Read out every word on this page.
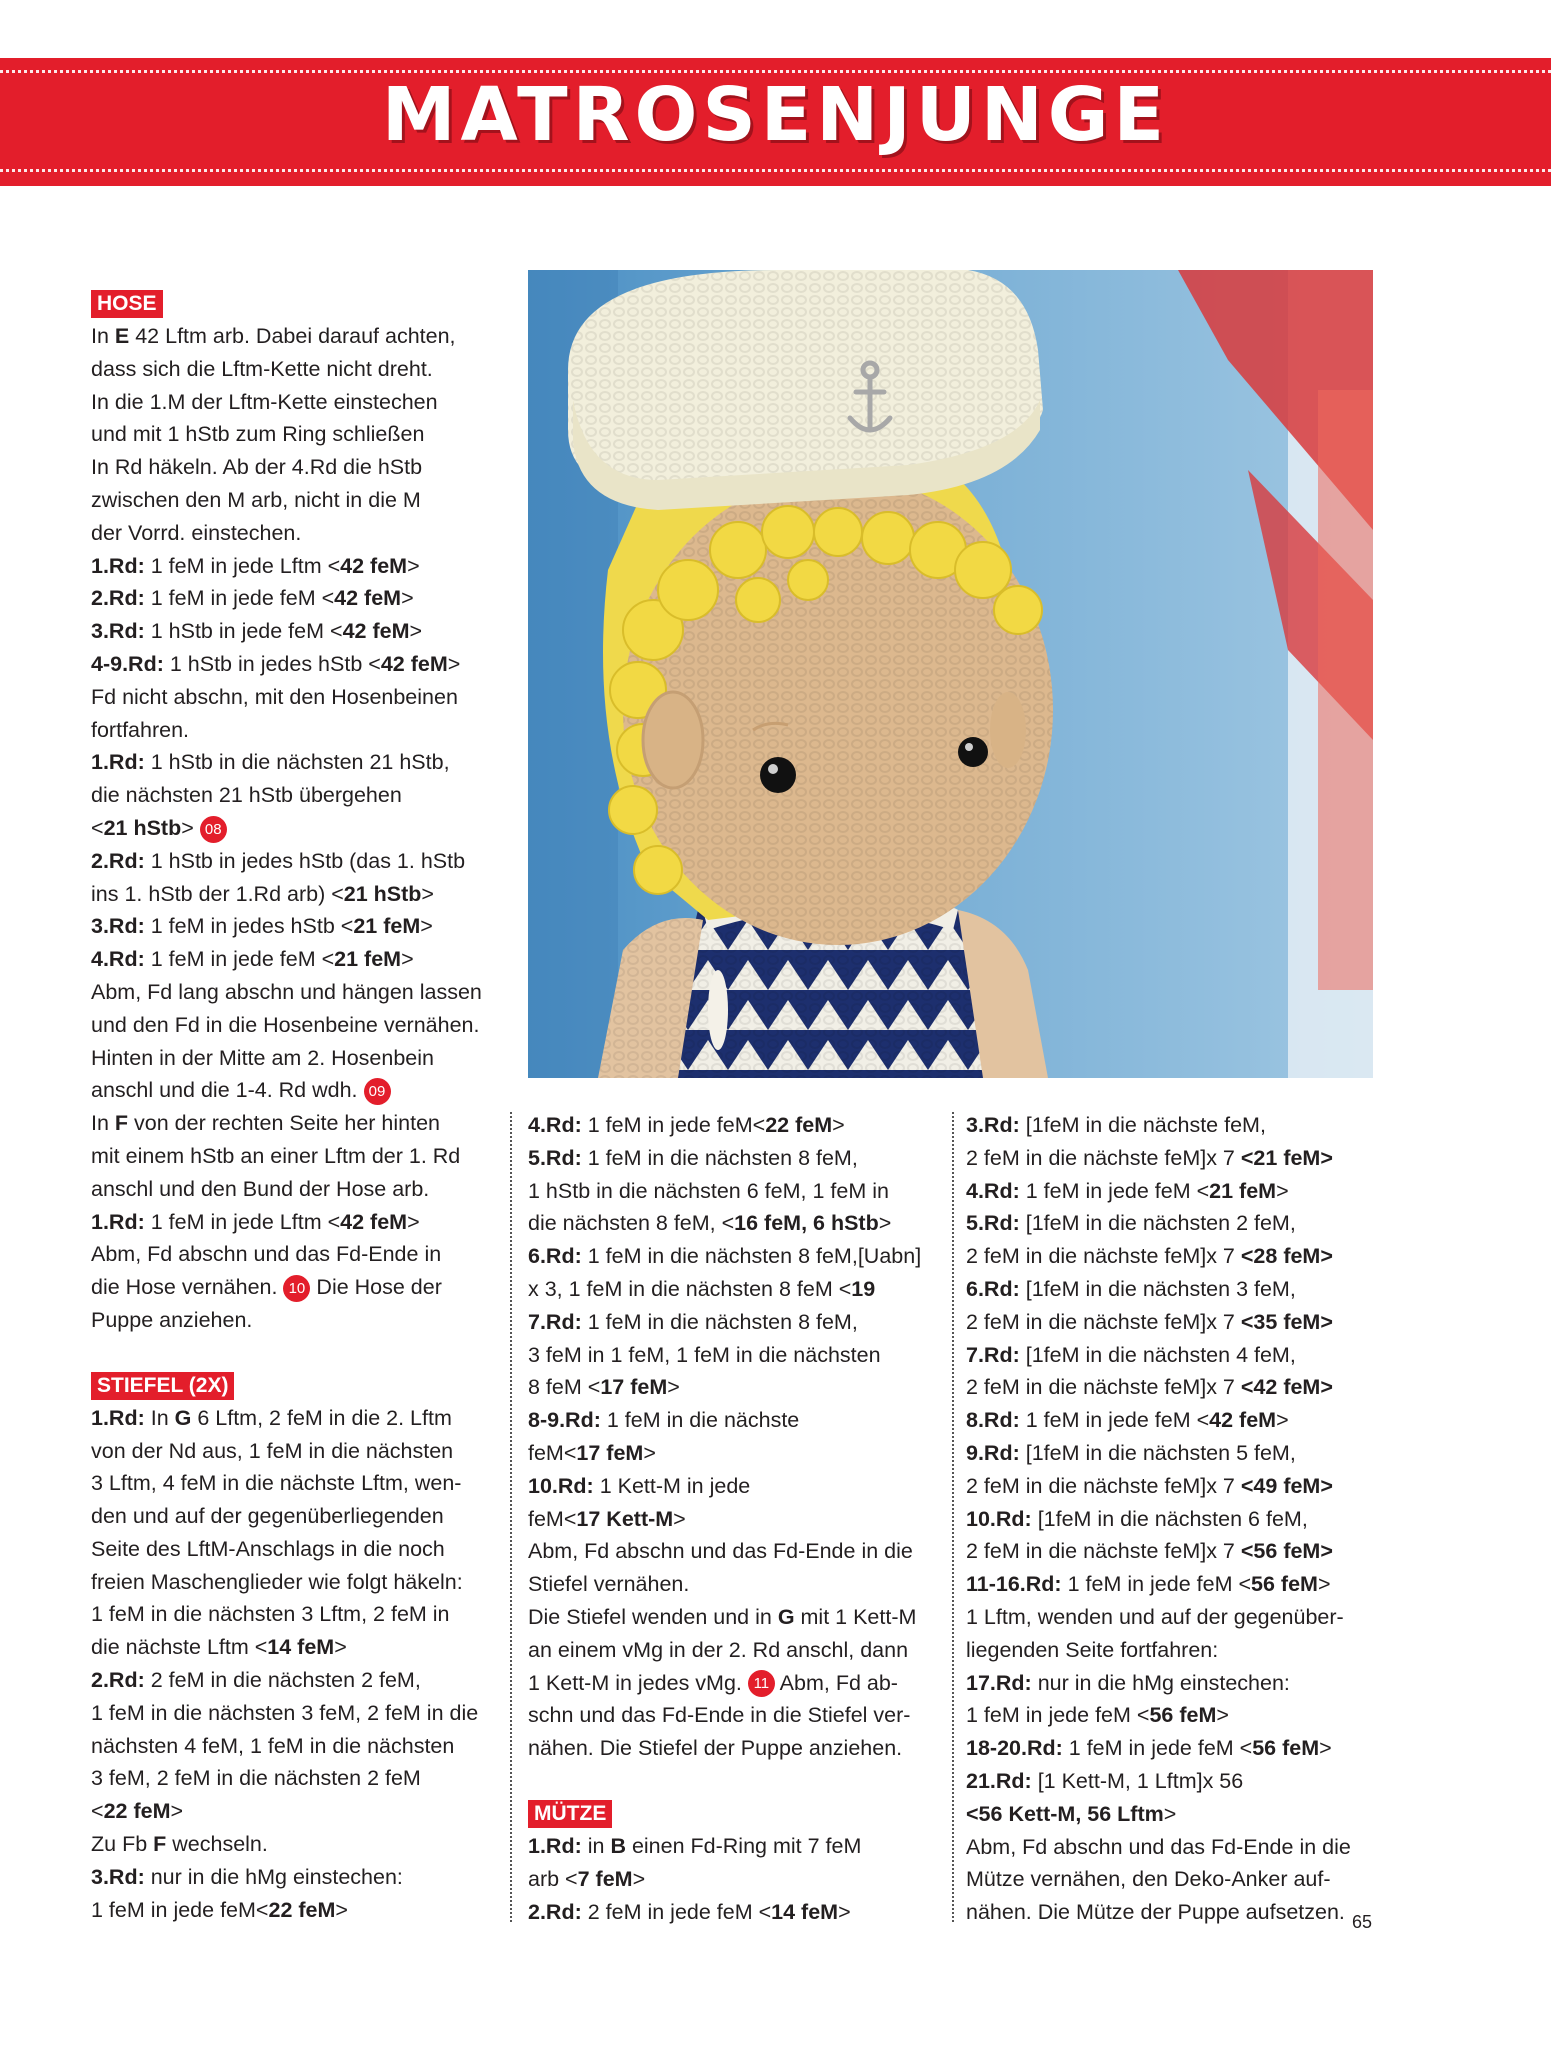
MATROSENJUNGE
HOSE
In E 42 Lftm arb. Dabei darauf achten,
dass sich die Lftm-Kette nicht dreht.
In die 1.M der Lftm-Kette einstechen
und mit 1 hStb zum Ring schließen
In Rd häkeln. Ab der 4.Rd die hStb
zwischen den M arb, nicht in die M
der Vorrd. einstechen.
1.Rd: 1 feM in jede Lftm <42 feM>
2.Rd: 1 feM in jede feM <42 feM>
3.Rd: 1 hStb in jede feM <42 feM>
4-9.Rd: 1 hStb in jedes hStb <42 feM>
Fd nicht abschn, mit den Hosenbeinen
fortfahren.
1.Rd: 1 hStb in die nächsten 21 hStb,
die nächsten 21 hStb übergehen
<21 hStb> 08
2.Rd: 1 hStb in jedes hStb (das 1. hStb
ins 1. hStb der 1.Rd arb) <21 hStb>
3.Rd: 1 feM in jedes hStb <21 feM>
4.Rd: 1 feM in jede feM <21 feM>
Abm, Fd lang abschn und hängen lassen
und den Fd in die Hosenbeine vernähen.
Hinten in der Mitte am 2. Hosenbein
anschl und die 1-4. Rd wdh. 09
In F von der rechten Seite her hinten
mit einem hStb an einer Lftm der 1. Rd
anschl und den Bund der Hose arb.
1.Rd: 1 feM in jede Lftm <42 feM>
Abm, Fd abschn und das Fd-Ende in
die Hose vernähen. 10 Die Hose der
Puppe anziehen.
STIEFEL (2X)
1.Rd: In G 6 Lftm, 2 feM in die 2. Lftm
von der Nd aus, 1 feM in die nächsten
3 Lftm, 4 feM in die nächste Lftm, wen-
den und auf der gegenüberliegenden
Seite des LftM-Anschlags in die noch
freien Maschenglieder wie folgt häkeln:
1 feM in die nächsten 3 Lftm, 2 feM in
die nächste Lftm <14 feM>
2.Rd: 2 feM in die nächsten 2 feM,
1 feM in die nächsten 3 feM, 2 feM in die
nächsten 4 feM, 1 feM in die nächsten
3 feM, 2 feM in die nächsten 2 feM
<22 feM>
Zu Fb F wechseln.
3.Rd: nur in die hMg einstechen:
1 feM in jede feM<22 feM>
4.Rd: 1 feM in jede feM<22 feM>
5.Rd: 1 feM in die nächsten 8 feM,
1 hStb in die nächsten 6 feM, 1 feM in
die nächsten 8 feM, <16 feM, 6 hStb>
6.Rd: 1 feM in die nächsten 8 feM,[Uabn]
x 3, 1 feM in die nächsten 8 feM <19
7.Rd: 1 feM in die nächsten 8 feM,
3 feM in 1 feM, 1 feM in die nächsten
8 feM <17 feM>
8-9.Rd: 1 feM in die nächste
feM<17 feM>
10.Rd: 1 Kett-M in jede
feM<17 Kett-M>
Abm, Fd abschn und das Fd-Ende in die
Stiefel vernähen.
Die Stiefel wenden und in G mit 1 Kett-M
an einem vMg in der 2. Rd anschl, dann
1 Kett-M in jedes vMg. 11 Abm, Fd ab-
schn und das Fd-Ende in die Stiefel ver-
nähen. Die Stiefel der Puppe anziehen.
MÜTZE
1.Rd: in B einen Fd-Ring mit 7 feM
arb <7 feM>
2.Rd: 2 feM in jede feM <14 feM>
3.Rd: [1feM in die nächste feM,
2 feM in die nächste feM]x 7 <21 feM>
4.Rd: 1 feM in jede feM <21 feM>
5.Rd: [1feM in die nächsten 2 feM,
2 feM in die nächste feM]x 7 <28 feM>
6.Rd: [1feM in die nächsten 3 feM,
2 feM in die nächste feM]x 7 <35 feM>
7.Rd: [1feM in die nächsten 4 feM,
2 feM in die nächste feM]x 7 <42 feM>
8.Rd: 1 feM in jede feM <42 feM>
9.Rd: [1feM in die nächsten 5 feM,
2 feM in die nächste feM]x 7 <49 feM>
10.Rd: [1feM in die nächsten 6 feM,
2 feM in die nächste feM]x 7 <56 feM>
11-16.Rd: 1 feM in jede feM <56 feM>
1 Lftm, wenden und auf der gegenüber-
liegenden Seite fortfahren:
17.Rd: nur in die hMg einstechen:
1 feM in jede feM <56 feM>
18-20.Rd: 1 feM in jede feM <56 feM>
21.Rd: [1 Kett-M, 1 Lftm]x 56
<56 Kett-M, 56 Lftm>
Abm, Fd abschn und das Fd-Ende in die
Mütze vernähen, den Deko-Anker auf-
nähen. Die Mütze der Puppe aufsetzen. 65
